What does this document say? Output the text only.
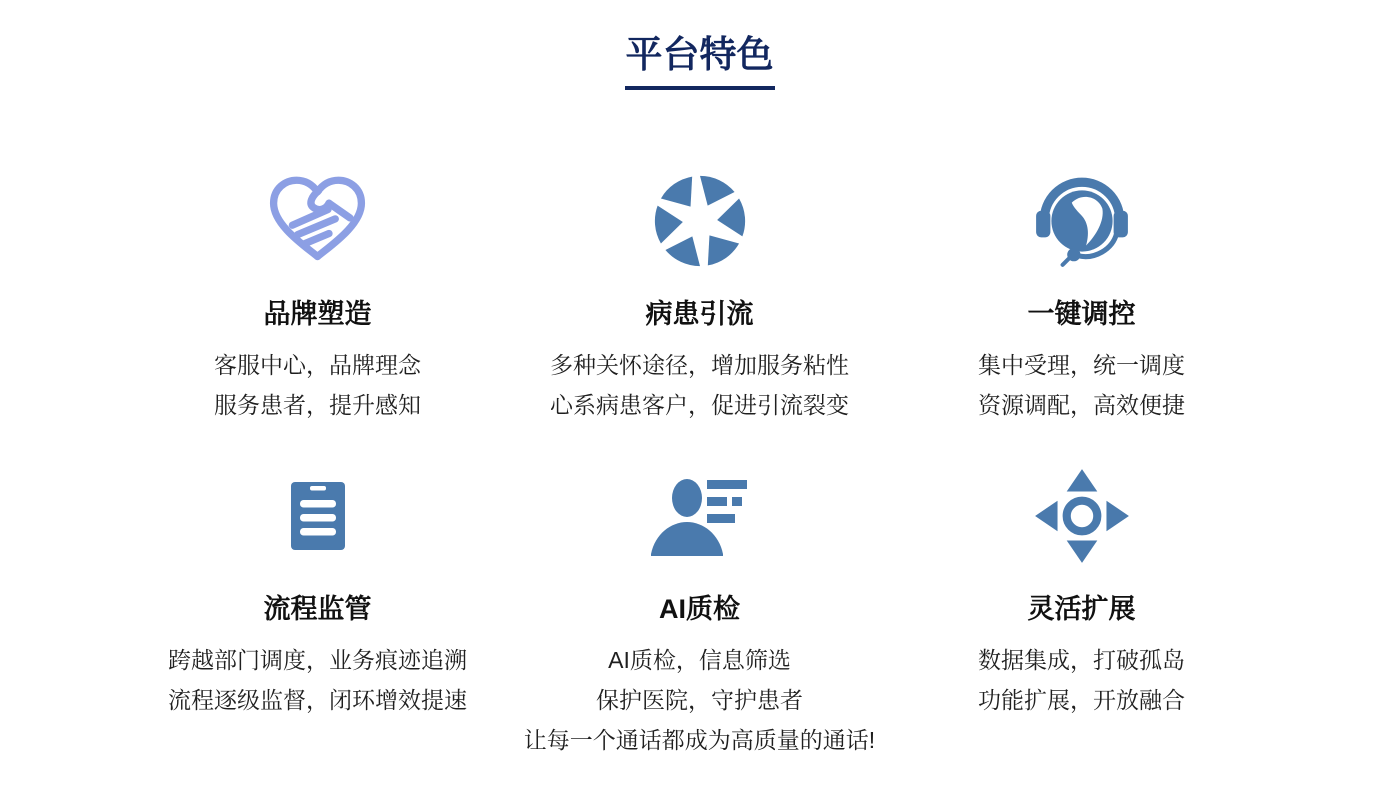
平台特色
品牌塑造
客服中心，品牌理念
服务患者，提升感知
病患引流
多种关怀途径，增加服务粘性
心系病患客户，促进引流裂变
一键调控
集中受理，统一调度
资源调配，高效便捷
流程监管
跨越部门调度，业务痕迹追溯
流程逐级监督，闭环增效提速
AI质检
AI质检，信息筛选
保护医院，守护患者
让每一个通话都成为高质量的通话!
灵活扩展
数据集成，打破孤岛
功能扩展，开放融合
